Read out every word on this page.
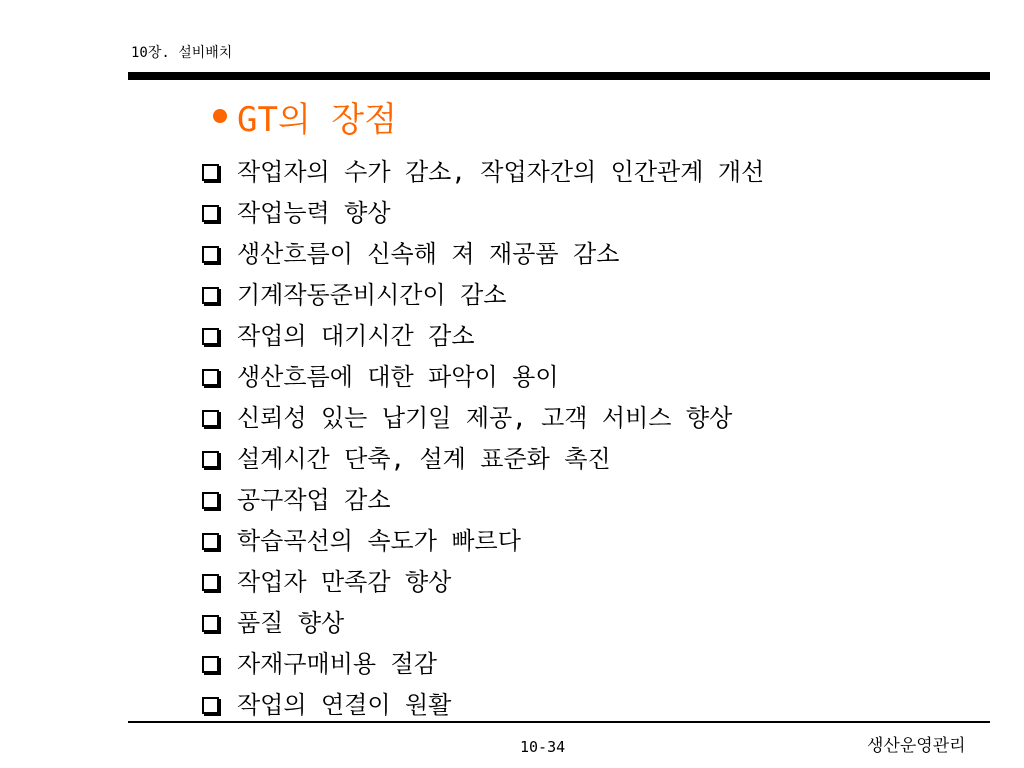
10장. 설비배치
GT의 장점
작업자의 수가 감소, 작업자간의 인간관계 개선
작업능력 향상
생산흐름이 신속해 져 재공품 감소
기계작동준비시간이 감소
작업의 대기시간 감소
생산흐름에 대한 파악이 용이
신뢰성 있는 납기일 제공, 고객 서비스 향상
설계시간 단축, 설계 표준화 촉진
공구작업 감소
학습곡선의 속도가 빠르다
작업자 만족감 향상
품질 향상
자재구매비용 절감
작업의 연결이 원활
10-34	생산운영관리
